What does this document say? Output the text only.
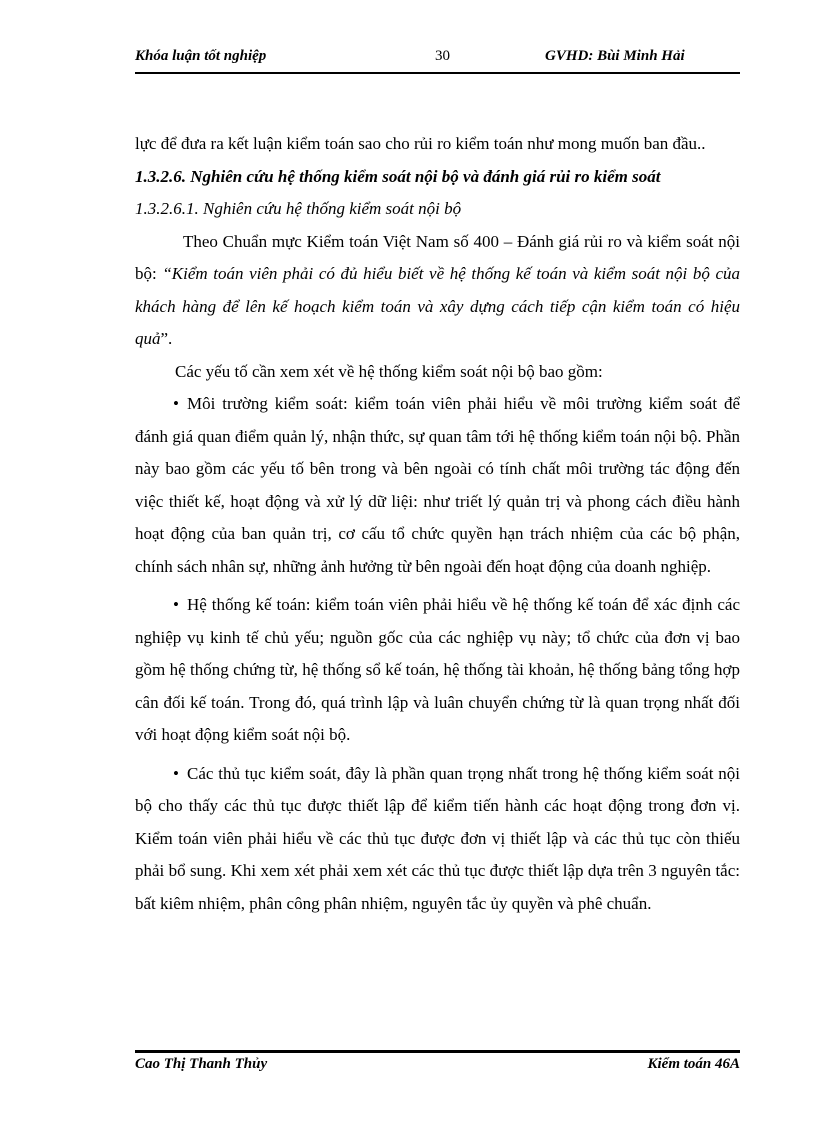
Khóa luận tốt nghiệp	30	GVHD: Bùi Minh Hải

lực để đưa ra kết luận kiểm toán sao cho rủi ro kiểm toán như mong muốn ban đầu..

1.3.2.6. Nghiên cứu hệ thống kiểm soát nội bộ và đánh giá rủi ro kiểm soát

1.3.2.6.1. Nghiên cứu hệ thống kiểm soát nội bộ

Theo Chuẩn mực Kiểm toán Việt Nam số 400 – Đánh giá rủi ro và kiểm soát nội bộ: “Kiểm toán viên phải có đủ hiểu biết về hệ thống kế toán và kiểm soát nội bộ của khách hàng để lên kế hoạch kiểm toán và xây dựng cách tiếp cận kiểm toán có hiệu quả”.

Các yếu tố cần xem xét về hệ thống kiểm soát nội bộ bao gồm:

• Môi trường kiểm soát: kiểm toán viên phải hiểu về môi trường kiểm soát để đánh giá quan điểm quản lý, nhận thức, sự quan tâm tới hệ thống kiểm toán nội bộ. Phần này bao gồm các yếu tố bên trong và bên ngoài có tính chất môi trường tác động đến việc thiết kế, hoạt động và xử lý dữ liệi: như triết lý quản trị và phong cách điều hành hoạt động của ban quản trị, cơ cấu tổ chức quyền hạn trách nhiệm của các bộ phận, chính sách nhân sự, những ảnh hưởng từ bên ngoài đến hoạt động của doanh nghiệp.

• Hệ thống kế toán: kiểm toán viên phải hiểu về hệ thống kế toán để xác định các nghiệp vụ kinh tế chủ yếu; nguồn gốc của các nghiệp vụ này; tổ chức của đơn vị bao gồm hệ thống chứng từ, hệ thống sổ kế toán, hệ thống tài khoản, hệ thống bảng tổng hợp cân đối kế toán. Trong đó, quá trình lập và luân chuyển chứng từ là quan trọng nhất đối với hoạt động kiểm soát nội bộ.

• Các thủ tục kiểm soát, đây là phần quan trọng nhất trong hệ thống kiểm soát nội bộ cho thấy các thủ tục được thiết lập để kiểm tiến hành các hoạt động trong đơn vị. Kiểm toán viên phải hiểu về các thủ tục được đơn vị thiết lập và các thủ tục còn thiếu phải bổ sung. Khi xem xét phải xem xét các thủ tục được thiết lập dựa trên 3 nguyên tắc: bất kiêm nhiệm, phân công phân nhiệm, nguyên tắc ủy quyền và phê chuẩn.

Cao Thị Thanh Thủy	Kiểm toán 46A
